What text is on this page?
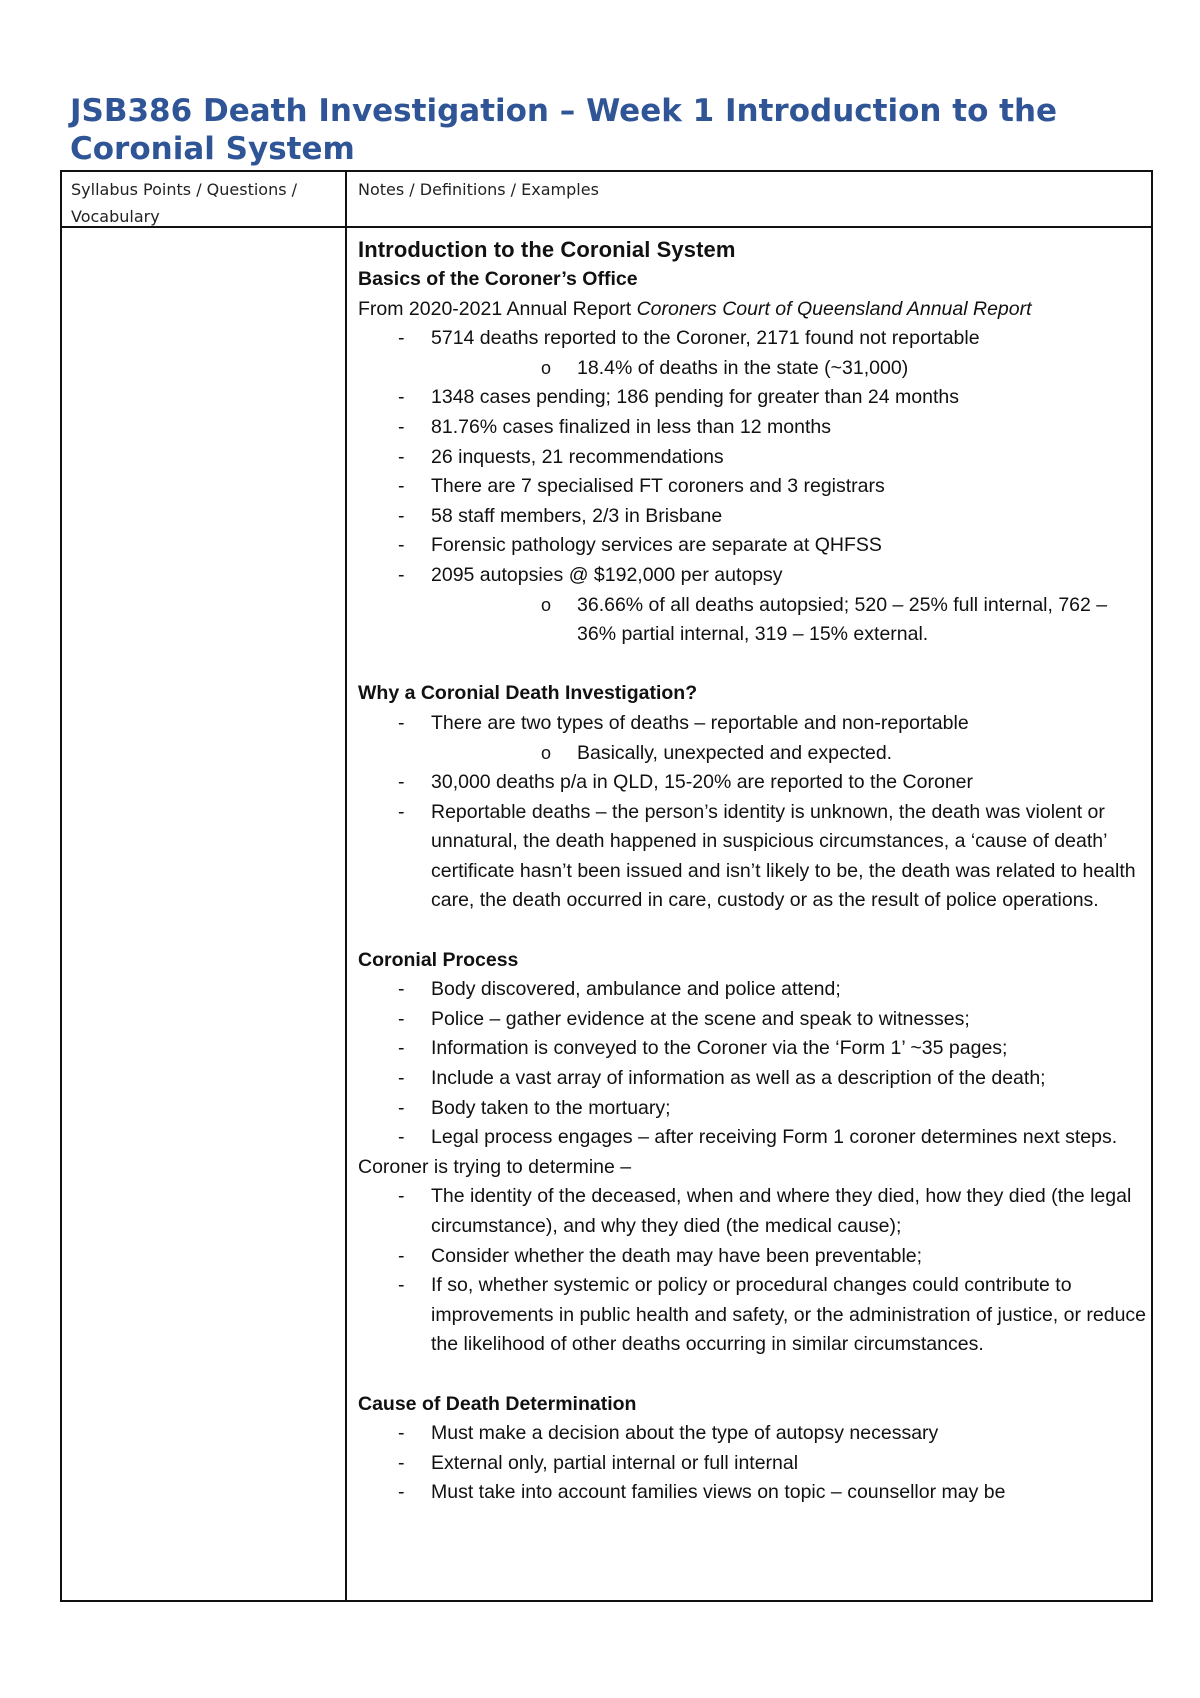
JSB386 Death Investigation – Week 1 Introduction to the Coronial System
Syllabus Points / Questions / Vocabulary
Notes / Definitions / Examples
Introduction to the Coronial System
Basics of the Coroner’s Office

From 2020-2021 Annual Report Coroners Court of Queensland Annual Report

- 5714 deaths reported to the Coroner, 2171 found not reportable
o 18.4% of deaths in the state (~31,000)
- 1348 cases pending; 186 pending for greater than 24 months
- 81.76% cases finalized in less than 12 months
- 26 inquests, 21 recommendations
- There are 7 specialised FT coroners and 3 registrars
- 58 staff members, 2/3 in Brisbane
- Forensic pathology services are separate at QHFSS
- 2095 autopsies @ $192,000 per autopsy
o 36.66% of all deaths autopsied; 520 – 25% full internal, 762 – 36% partial internal, 319 – 15% external.
Why a Coronial Death Investigation?
- There are two types of deaths – reportable and non-reportable
o Basically, unexpected and expected.
- 30,000 deaths p/a in QLD, 15-20% are reported to the Coroner
- Reportable deaths – the person’s identity is unknown, the death was violent or unnatural, the death happened in suspicious circumstances, a ‘cause of death’ certificate hasn’t been issued and isn’t likely to be, the death was related to health care, the death occurred in care, custody or as the result of police operations.
Coronial Process
- Body discovered, ambulance and police attend;
- Police – gather evidence at the scene and speak to witnesses;
- Information is conveyed to the Coroner via the ‘Form 1’ ~35 pages;
- Include a vast array of information as well as a description of the death;
- Body taken to the mortuary;
- Legal process engages – after receiving Form 1 coroner determines next steps.

Coroner is trying to determine –

- The identity of the deceased, when and where they died, how they died (the legal circumstance), and why they died (the medical cause);
- Consider whether the death may have been preventable;
- If so, whether systemic or policy or procedural changes could contribute to improvements in public health and safety, or the administration of justice, or reduce the likelihood of other deaths occurring in similar circumstances.
Cause of Death Determination
- Must make a decision about the type of autopsy necessary
- External only, partial internal or full internal
- Must take into account families views on topic – counsellor may be
